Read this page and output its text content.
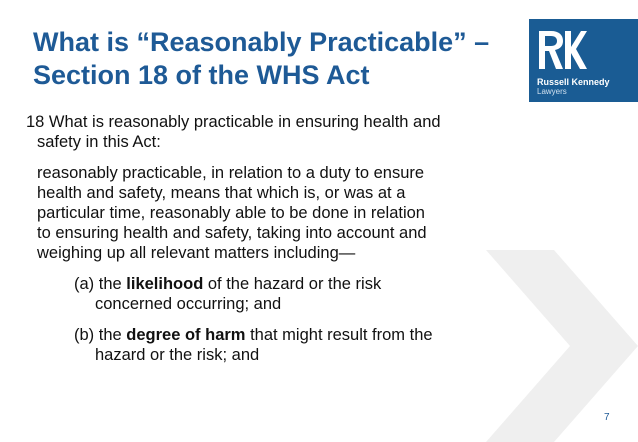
What is “Reasonably Practicable” –
Section 18 of the WHS Act	Russell Kennedy
Lawyers
18 What is reasonably practicable in ensuring health and
safety in this Act:
reasonably practicable, in relation to a duty to ensure
health and safety, means that which is, or was at a
particular time, reasonably able to be done in relation
to ensuring health and safety, taking into account and
weighing up all relevant matters including—
(a) the likelihood of the hazard or the risk
concerned occurring; and
(b) the degree of harm that might result from the
hazard or the risk; and
7
